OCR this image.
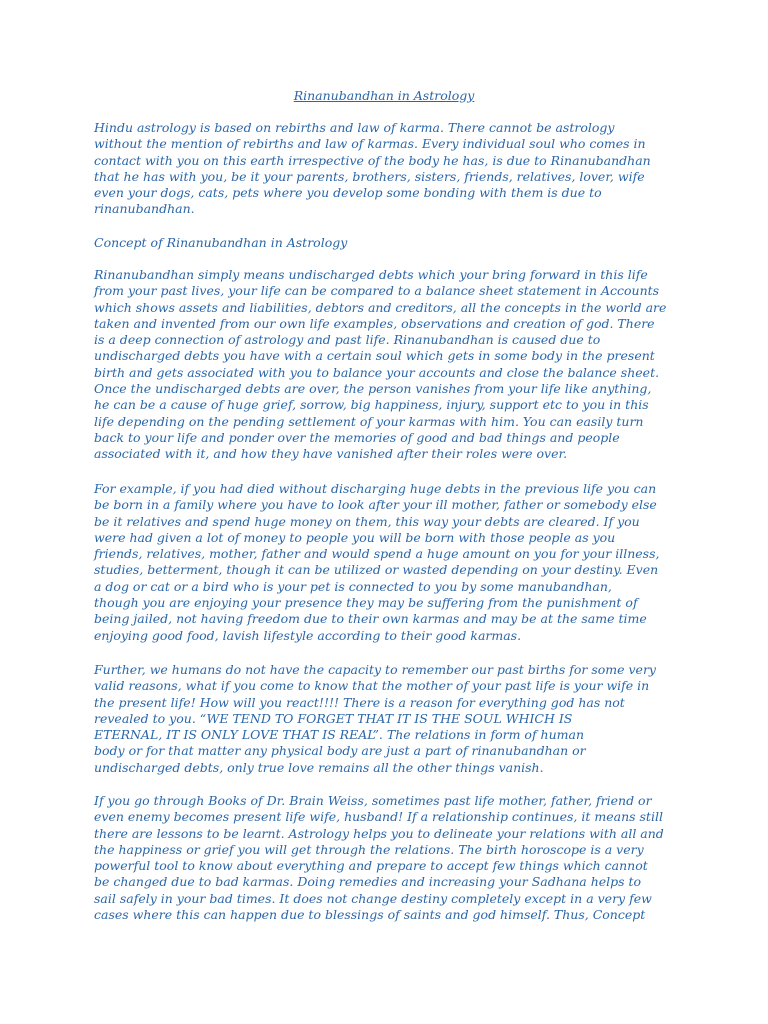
Rinanubandhan in Astrology

Hindu astrology is based on rebirths and law of karma. There cannot be astrology
without the mention of rebirths and law of karmas. Every individual soul who comes in
contact with you on this earth irrespective of the body he has, is due to Rinanubandhan
that he has with you, be it your parents, brothers, sisters, friends, relatives, lover, wife
even your dogs, cats, pets where you develop some bonding with them is due to
rinanubandhan.

Concept of Rinanubandhan in Astrology

Rinanubandhan simply means undischarged debts which your bring forward in this life
from your past lives, your life can be compared to a balance sheet statement in Accounts
which shows assets and liabilities, debtors and creditors, all the concepts in the world are
taken and invented from our own life examples, observations and creation of god. There
is a deep connection of astrology and past life. Rinanubandhan is caused due to
undischarged debts you have with a certain soul which gets in some body in the present
birth and gets associated with you to balance your accounts and close the balance sheet.
Once the undischarged debts are over, the person vanishes from your life like anything,
he can be a cause of huge grief, sorrow, big happiness, injury, support etc to you in this
life depending on the pending settlement of your karmas with him. You can easily turn
back to your life and ponder over the memories of good and bad things and people
associated with it, and how they have vanished after their roles were over.

For example, if you had died without discharging huge debts in the previous life you can
be born in a family where you have to look after your ill mother, father or somebody else
be it relatives and spend huge money on them, this way your debts are cleared. If you
were had given a lot of money to people you will be born with those people as you
friends, relatives, mother, father and would spend a huge amount on you for your illness,
studies, betterment, though it can be utilized or wasted depending on your destiny. Even
a dog or cat or a bird who is your pet is connected to you by some manubandhan,
though you are enjoying your presence they may be suffering from the punishment of
being jailed, not having freedom due to their own karmas and may be at the same time
enjoying good food, lavish lifestyle according to their good karmas.

Further, we humans do not have the capacity to remember our past births for some very
valid reasons, what if you come to know that the mother of your past life is your wife in
the present life! How will you react!!!! There is a reason for everything god has not
revealed to you. “WE TEND TO FORGET THAT IT IS THE SOUL WHICH IS
ETERNAL, IT IS ONLY LOVE THAT IS REAL”. The relations in form of human
body or for that matter any physical body are just a part of rinanubandhan or
undischarged debts, only true love remains all the other things vanish.

If you go through Books of Dr. Brain Weiss, sometimes past life mother, father, friend or
even enemy becomes present life wife, husband! If a relationship continues, it means still
there are lessons to be learnt. Astrology helps you to delineate your relations with all and
the happiness or grief you will get through the relations. The birth horoscope is a very
powerful tool to know about everything and prepare to accept few things which cannot
be changed due to bad karmas. Doing remedies and increasing your Sadhana helps to
sail safely in your bad times. It does not change destiny completely except in a very few
cases where this can happen due to blessings of saints and god himself. Thus, Concept
